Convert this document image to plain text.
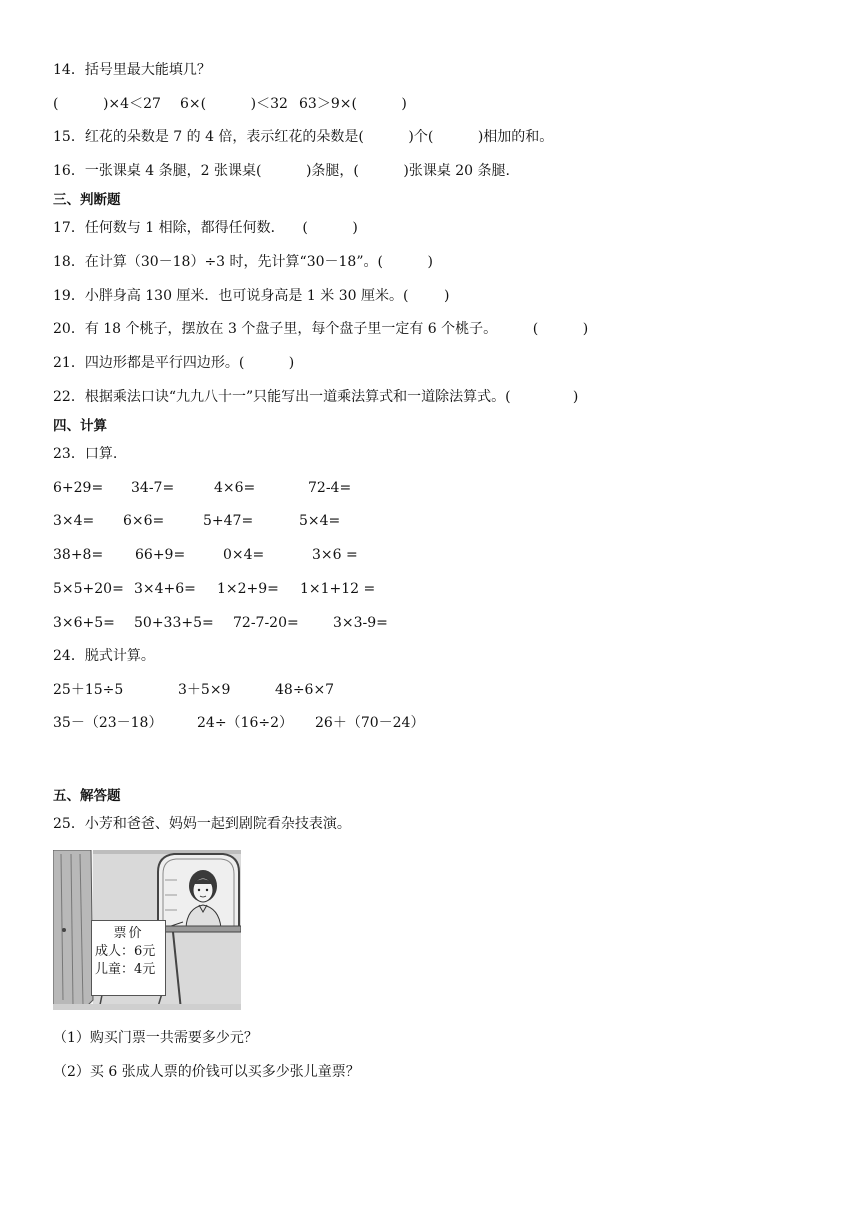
14．括号里最大能填几？
(          )×4＜27 6×(          )＜32 63＞9×(          )
15．红花的朵数是 7 的 4 倍，表示红花的朵数是(          )个(          )相加的和。
16．一张课桌 4 条腿，2 张课桌(          )条腿，(          )张课桌 20 条腿.
三、判断题
17．任何数与 1 相除，都得任何数．    (          )
18．在计算（30－18）÷3 时，先计算“30－18”。(          )
19．小胖身高 130 厘米．也可说身高是 1 米 30 厘米。(        )
20．有 18 个桃子，摆放在 3 个盘子里，每个盘子里一定有 6 个桃子。        (          )
21．四边形都是平行四边形。(          )
22．根据乘法口诀“九九八十一”只能写出一道乘法算式和一道除法算式。(              )
四、计算
23．口算.
6+29= 34-7=	4×6=	72-4=
3×4= 6×6=	5+47=	5×4=
38+8= 66+9=	0×4=	3×6 =
5×5+20= 3×4+6= 1×2+9= 1×1+12 =
3×6+5= 50+33+5= 72-7-20= 3×3-9=
24．脱式计算。
25＋15÷5	3＋5×9	48÷6×7
35－（23－18） 24÷（16÷2） 26＋（70－24）
五、解答题
25．小芳和爸爸、妈妈一起到剧院看杂技表演。
票价
成人：6元
儿童：4元
（1）购买门票一共需要多少元？
（2）买 6 张成人票的价钱可以买多少张儿童票？
